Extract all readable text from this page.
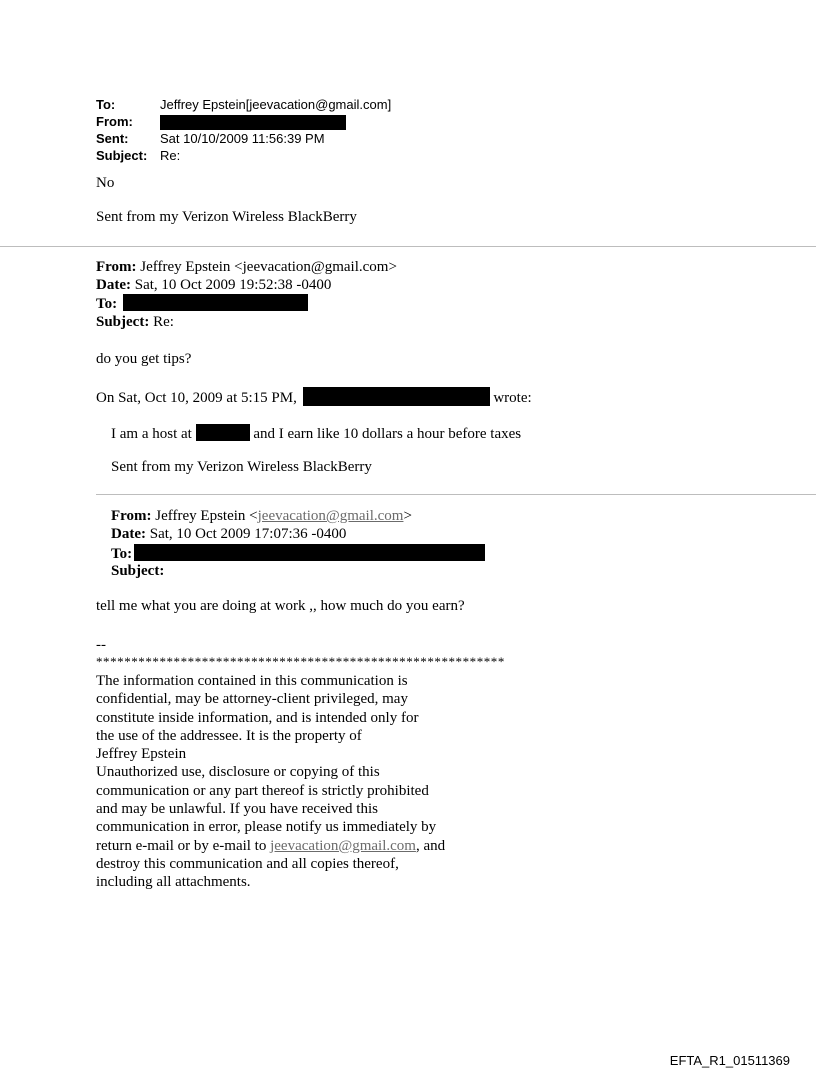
To:	Jeffrey Epstein[jeevacation@gmail.com]
From:
Sent: Sat 10/10/2009 11:56:39 PM
Subject: Re:
No
Sent from my Verizon Wireless BlackBerry
From: Jeffrey Epstein <jeevacation@gmail.com>
Date: Sat, 10 Oct 2009 19:52:38 -0400
To:
Subject: Re:
do you get tips?
On Sat, Oct 10, 2009 at 5:15 PM,	wrote:
I am a host at	and I earn like 10 dollars a hour before taxes
Sent from my Verizon Wireless BlackBerry
From: Jeffrey Epstein <jeevacation@gmail.com>
Date: Sat, 10 Oct 2009 17:07:36 -0400
To:
Subject:
tell me what you are doing at work ,, how much do you earn?
--
**********************************************************
The information contained in this communication is
confidential, may be attorney-client privileged, may
constitute inside information, and is intended only for
the use of the addressee. It is the property of
Jeffrey Epstein
Unauthorized use, disclosure or copying of this
communication or any part thereof is strictly prohibited
and may be unlawful. If you have received this
communication in error, please notify us immediately by
return e-mail or by e-mail to jeevacation@gmail.com, and
destroy this communication and all copies thereof,
including all attachments.
EFTA_R1_01511369
